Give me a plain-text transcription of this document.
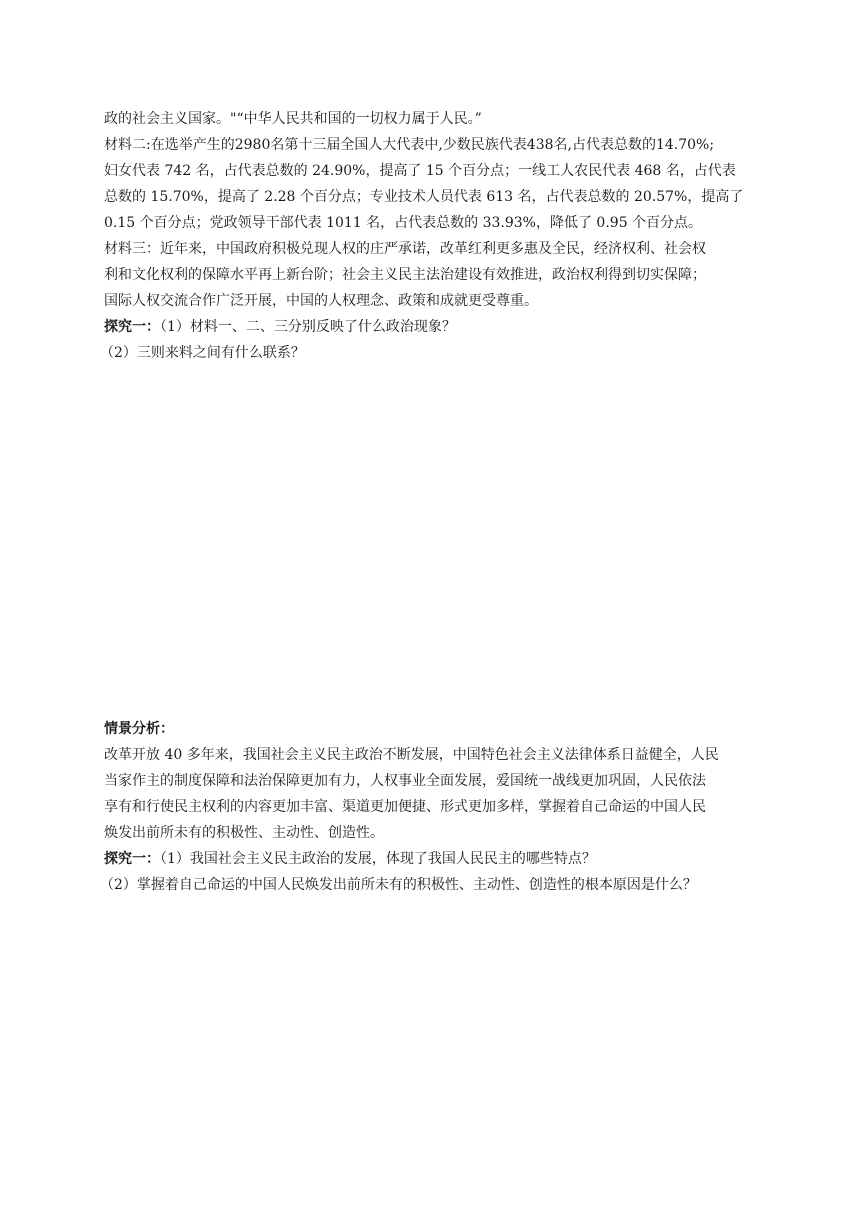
政的社会主义国家。"“中华人民共和国的一切权力属于人民。”
材料二:在选举产生的2980名第十三届全国人大代表中,少数民族代表438名,占代表总数的14.70%;
妇女代表 742 名，占代表总数的 24.90%，提高了 15 个百分点；一线工人农民代表 468 名，占代表
总数的 15.70%，提高了 2.28 个百分点；专业技术人员代表 613 名，占代表总数的 20.57%，提高了
0.15 个百分点；党政领导干部代表 1011 名，占代表总数的 33.93%，降低了 0.95 个百分点。
材料三：近年来，中国政府积极兑现人权的庄严承诺，改革红利更多惠及全民，经济权利、社会权
利和文化权利的保障水平再上新台阶；社会主义民主法治建设有效推进，政治权利得到切实保障；
国际人权交流合作广泛开展，中国的人权理念、政策和成就更受尊重。
探究一：（1）材料一、二、三分别反映了什么政治现象？
（2）三则来料之间有什么联系？
情景分析：
改革开放 40 多年来，我国社会主义民主政治不断发展，中国特色社会主义法律体系日益健全，人民
当家作主的制度保障和法治保障更加有力，人权事业全面发展，爱国统一战线更加巩固，人民依法
享有和行使民主权利的内容更加丰富、渠道更加便捷、形式更加多样，掌握着自己命运的中国人民
焕发出前所未有的积极性、主动性、创造性。
探究一：（1）我国社会主义民主政治的发展，体现了我国人民民主的哪些特点？
（2）掌握着自己命运的中国人民焕发出前所未有的积极性、主动性、创造性的根本原因是什么？
